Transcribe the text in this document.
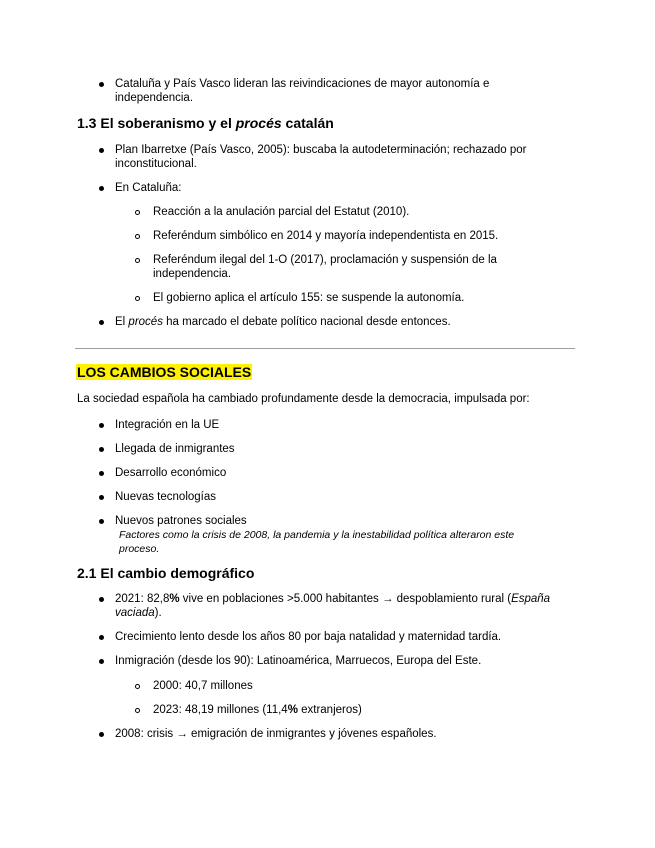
Cataluña y País Vasco lideran las reivindicaciones de mayor autonomía e
independencia.
1.3 El soberanismo y el procés catalán
Plan Ibarretxe (País Vasco, 2005): buscaba la autodeterminación; rechazado por
inconstitucional.
En Cataluña:
Reacción a la anulación parcial del Estatut (2010).
Referéndum simbólico en 2014 y mayoría independentista en 2015.
Referéndum ilegal del 1-O (2017), proclamación y suspensión de la
independencia.
El gobierno aplica el artículo 155: se suspende la autonomía.
El procés ha marcado el debate político nacional desde entonces.
LOS CAMBIOS SOCIALES
La sociedad española ha cambiado profundamente desde la democracia, impulsada por:
Integración en la UE
Llegada de inmigrantes
Desarrollo económico
Nuevas tecnologías
Nuevos patrones sociales
Factores como la crisis de 2008, la pandemia y la inestabilidad política alteraron este
proceso.
2.1 El cambio demográfico
2021: 82,8% vive en poblaciones >5.000 habitantes → despoblamiento rural (España
vaciada).
Crecimiento lento desde los años 80 por baja natalidad y maternidad tardía.
Inmigración (desde los 90): Latinoamérica, Marruecos, Europa del Este.
2000: 40,7 millones
2023: 48,19 millones (11,4% extranjeros)
2008: crisis → emigración de inmigrantes y jóvenes españoles.
